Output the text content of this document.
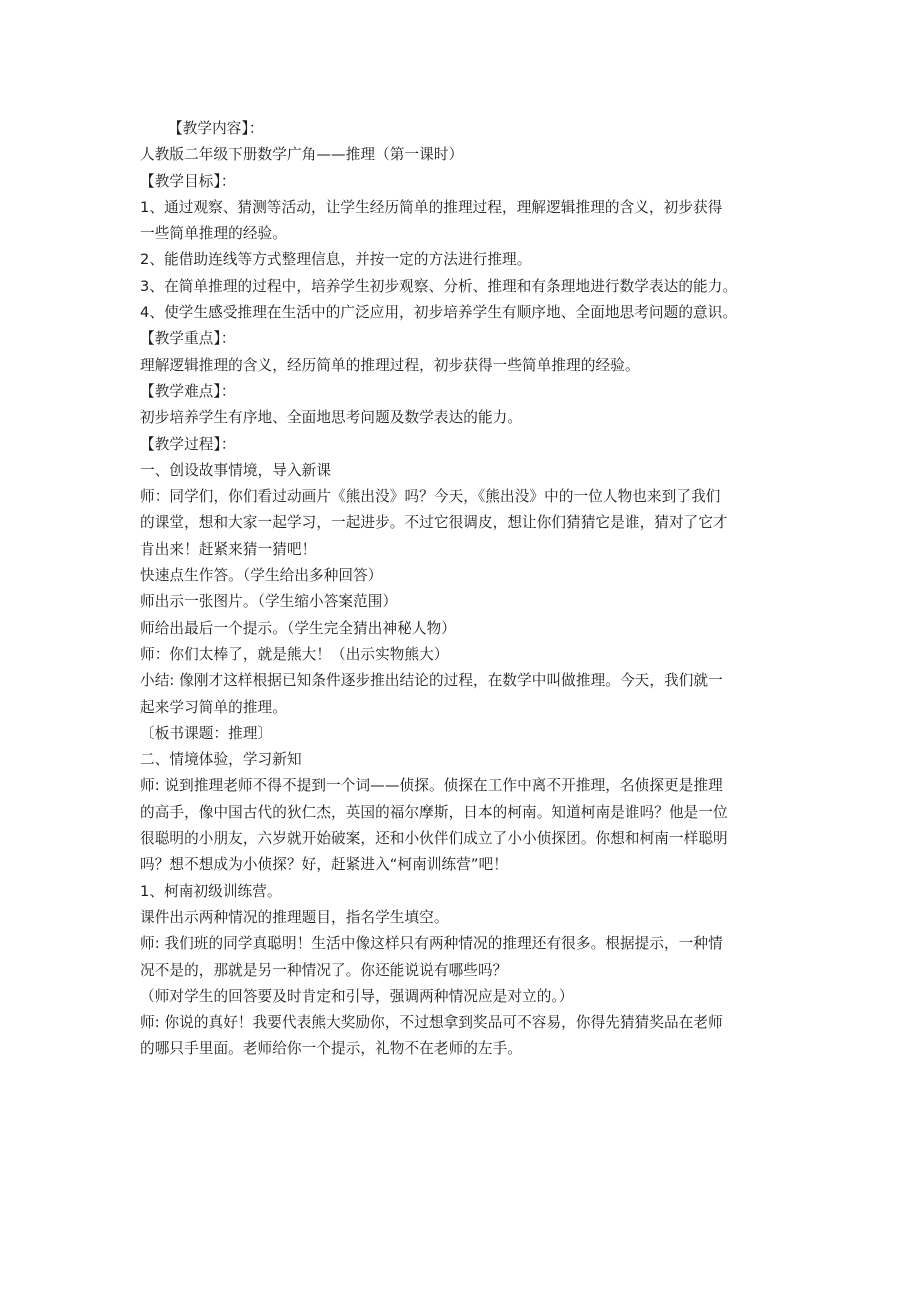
【教学内容】：
人教版二年级下册数学广角——推理（第一课时）
【教学目标】：
1、通过观察、猜测等活动，让学生经历简单的推理过程，理解逻辑推理的含义，初步获得
一些简单推理的经验。
2、能借助连线等方式整理信息，并按一定的方法进行推理。
3、在简单推理的过程中，培养学生初步观察、分析、推理和有条理地进行数学表达的能力。
4、使学生感受推理在生活中的广泛应用，初步培养学生有顺序地、全面地思考问题的意识。
【教学重点】：
理解逻辑推理的含义，经历简单的推理过程，初步获得一些简单推理的经验。
【教学难点】：
初步培养学生有序地、全面地思考问题及数学表达的能力。
【教学过程】：
一、创设故事情境，导入新课
师：同学们，你们看过动画片《熊出没》吗？今天，《熊出没》中的一位人物也来到了我们
的课堂，想和大家一起学习，一起进步。不过它很调皮，想让你们猜猜它是谁，猜对了它才
肯出来！赶紧来猜一猜吧！
快速点生作答。（学生给出多种回答）
师出示一张图片。（学生缩小答案范围）
师给出最后一个提示。（学生完全猜出神秘人物）
师：你们太棒了，就是熊大！（出示实物熊大）
小结: 像刚才这样根据已知条件逐步推出结论的过程，在数学中叫做推理。今天，我们就一
起来学习简单的推理。
〔板书课题：推理〕
二、情境体验，学习新知
师: 说到推理老师不得不提到一个词——侦探。侦探在工作中离不开推理，名侦探更是推理
的高手，像中国古代的狄仁杰，英国的福尔摩斯，日本的柯南。知道柯南是谁吗？他是一位
很聪明的小朋友，六岁就开始破案，还和小伙伴们成立了小小侦探团。你想和柯南一样聪明
吗？想不想成为小侦探？好，赶紧进入“柯南训练营”吧！
1、柯南初级训练营。
课件出示两种情况的推理题目，指名学生填空。
师: 我们班的同学真聪明！生活中像这样只有两种情况的推理还有很多。根据提示，一种情
况不是的，那就是另一种情况了。你还能说说有哪些吗？
（师对学生的回答要及时肯定和引导，强调两种情况应是对立的。）
师: 你说的真好！我要代表熊大奖励你，不过想拿到奖品可不容易，你得先猜猜奖品在老师
的哪只手里面。老师给你一个提示，礼物不在老师的左手。
